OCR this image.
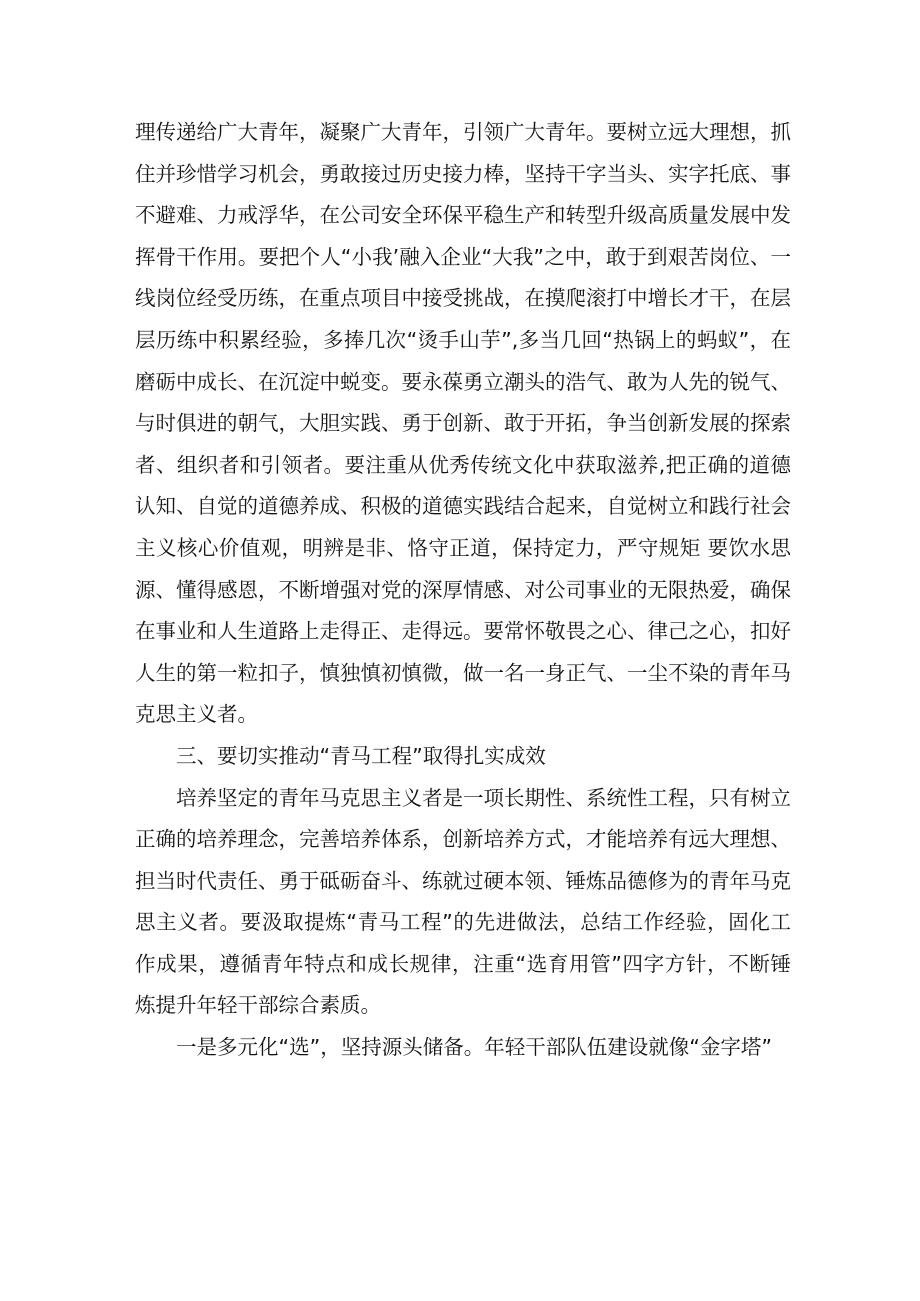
理传递给广大青年，凝聚广大青年，引领广大青年。要树立远大理想，抓住并珍惜学习机会，勇敢接过历史接力棒，坚持干字当头、实字托底、事不避难、力戒浮华，在公司安全环保平稳生产和转型升级高质量发展中发挥骨干作用。要把个人“小我’融入企业“大我”之中，敢于到艰苦岗位、一线岗位经受历练，在重点项目中接受挑战，在摸爬滚打中增长才干，在层层历练中积累经验，多捧几次“烫手山芋”,多当几回“热锅上的蚂蚁”，在磨砺中成长、在沉淀中蜕变。要永葆勇立潮头的浩气、敢为人先的锐气、与时俱进的朝气，大胆实践、勇于创新、敢于开拓，争当创新发展的探索者、组织者和引领者。要注重从优秀传统文化中获取滋养,把正确的道德认知、自觉的道德养成、积极的道德实践结合起来，自觉树立和践行社会主义核心价值观，明辨是非、恪守正道，保持定力，严守规矩 要饮水思源、懂得感恩，不断增强对党的深厚情感、对公司事业的无限热爱，确保在事业和人生道路上走得正、走得远。要常怀敬畏之心、律己之心，扣好人生的第一粒扣子，慎独慎初慎微，做一名一身正气、一尘不染的青年马克思主义者。

三、要切实推动“青马工程”取得扎实成效

培养坚定的青年马克思主义者是一项长期性、系统性工程，只有树立正确的培养理念，完善培养体系，创新培养方式，才能培养有远大理想、担当时代责任、勇于砥砺奋斗、练就过硬本领、锤炼品德修为的青年马克思主义者。要汲取提炼“青马工程”的先进做法，总结工作经验，固化工作成果，遵循青年特点和成长规律，注重“选育用管”四字方针，不断锤炼提升年轻干部综合素质。

一是多元化“选”，坚持源头储备。年轻干部队伍建设就像“金字塔”
